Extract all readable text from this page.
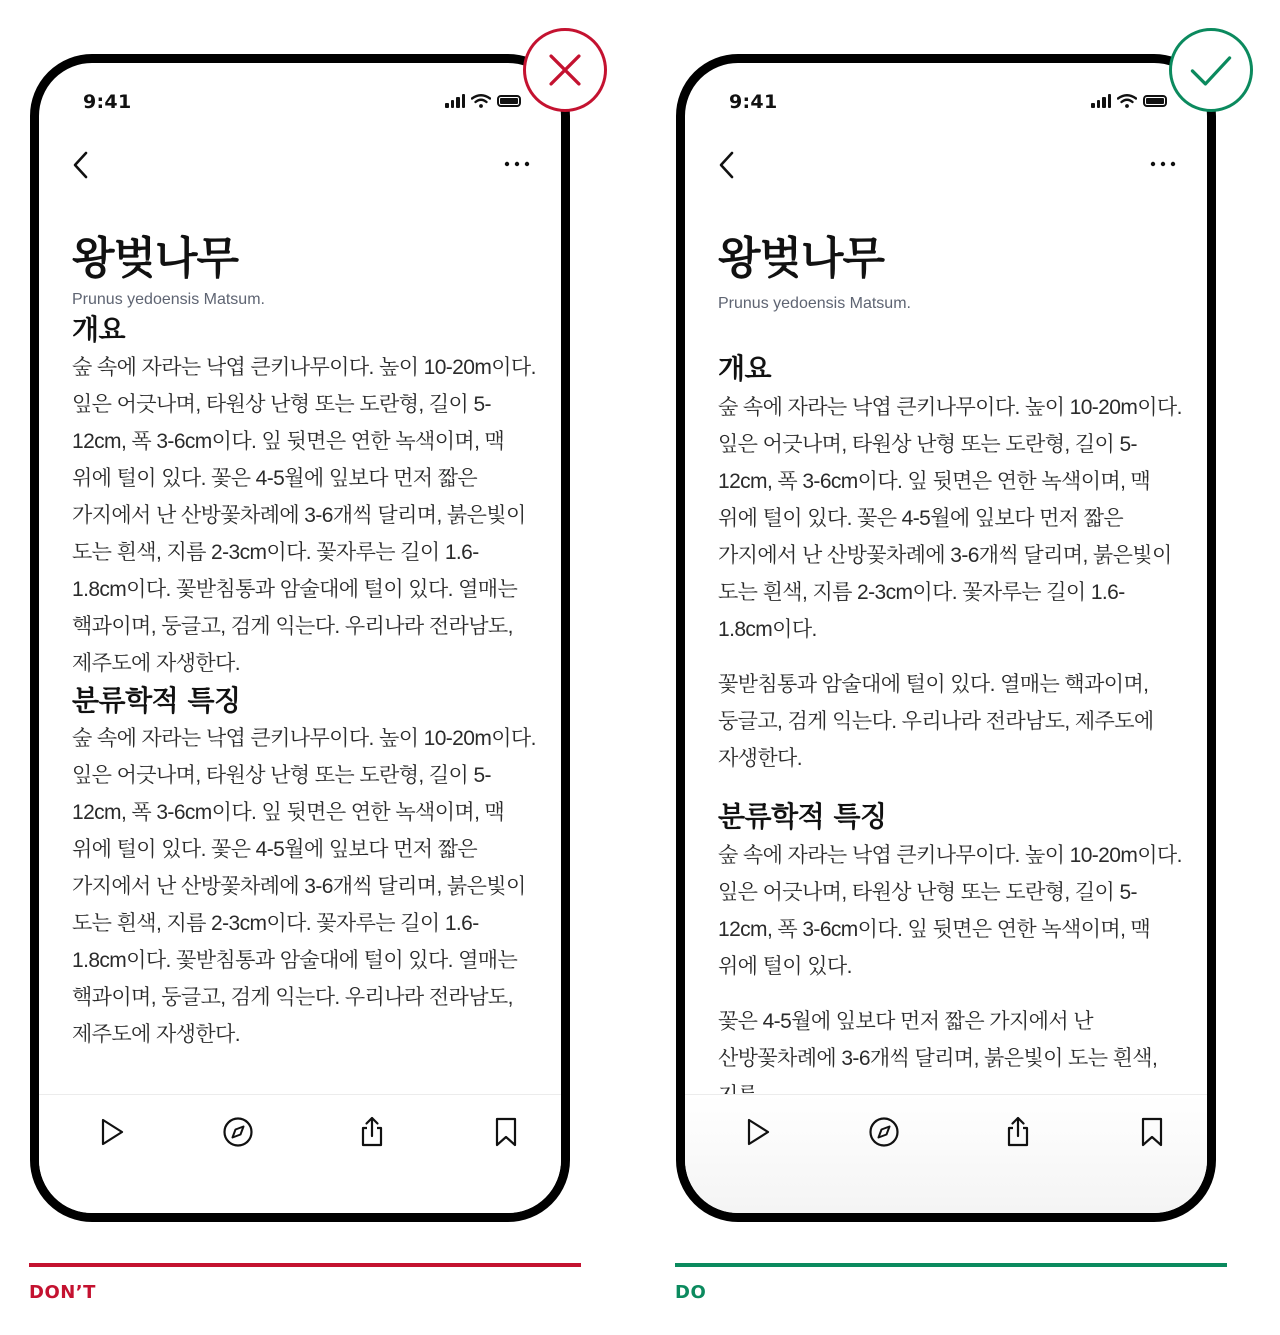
9:41
왕벚나무

Prunus yedoensis Matsum.

개요

숲 속에 자라는 낙엽 큰키나무이다. 높이 10-20m이다. 잎은 어긋나며, 타원상 난형 또는 도란형, 길이 5-12cm, 폭 3-6cm이다. 잎 뒷면은 연한 녹색이며, 맥 위에 털이 있다. 꽃은 4-5월에 잎보다 먼저 짧은 가지에서 난 산방꽃차례에 3-6개씩 달리며, 붉은빛이 도는 흰색, 지름 2-3cm이다. 꽃자루는 길이 1.6-1.8cm이다. 꽃받침통과 암술대에 털이 있다. 열매는 핵과이며, 둥글고, 검게 익는다. 우리나라 전라남도, 제주도에 자생한다.

분류학적 특징

숲 속에 자라는 낙엽 큰키나무이다. 높이 10-20m이다. 잎은 어긋나며, 타원상 난형 또는 도란형, 길이 5-12cm, 폭 3-6cm이다. 잎 뒷면은 연한 녹색이며, 맥 위에 털이 있다. 꽃은 4-5월에 잎보다 먼저 짧은 가지에서 난 산방꽃차례에 3-6개씩 달리며, 붉은빛이 도는 흰색, 지름 2-3cm이다. 꽃자루는 길이 1.6-1.8cm이다. 꽃받침통과 암술대에 털이 있다. 열매는 핵과이며, 둥글고, 검게 익는다. 우리나라 전라남도, 제주도에 자생한다.

9:41
왕벚나무

Prunus yedoensis Matsum.

개요

숲 속에 자라는 낙엽 큰키나무이다. 높이 10-20m이다. 잎은 어긋나며, 타원상 난형 또는 도란형, 길이 5-12cm, 폭 3-6cm이다. 잎 뒷면은 연한 녹색이며, 맥 위에 털이 있다. 꽃은 4-5월에 잎보다 먼저 짧은 가지에서 난 산방꽃차례에 3-6개씩 달리며, 붉은빛이 도는 흰색, 지름 2-3cm이다. 꽃자루는 길이 1.6-1.8cm이다.

꽃받침통과 암술대에 털이 있다. 열매는 핵과이며, 둥글고, 검게 익는다. 우리나라 전라남도, 제주도에 자생한다.

분류학적 특징

숲 속에 자라는 낙엽 큰키나무이다. 높이 10-20m이다. 잎은 어긋나며, 타원상 난형 또는 도란형, 길이 5-12cm, 폭 3-6cm이다. 잎 뒷면은 연한 녹색이며, 맥 위에 털이 있다.

꽃은 4-5월에 잎보다 먼저 짧은 가지에서 난 산방꽃차례에 3-6개씩 달리며, 붉은빛이 도는 흰색,

DON’T	DO
